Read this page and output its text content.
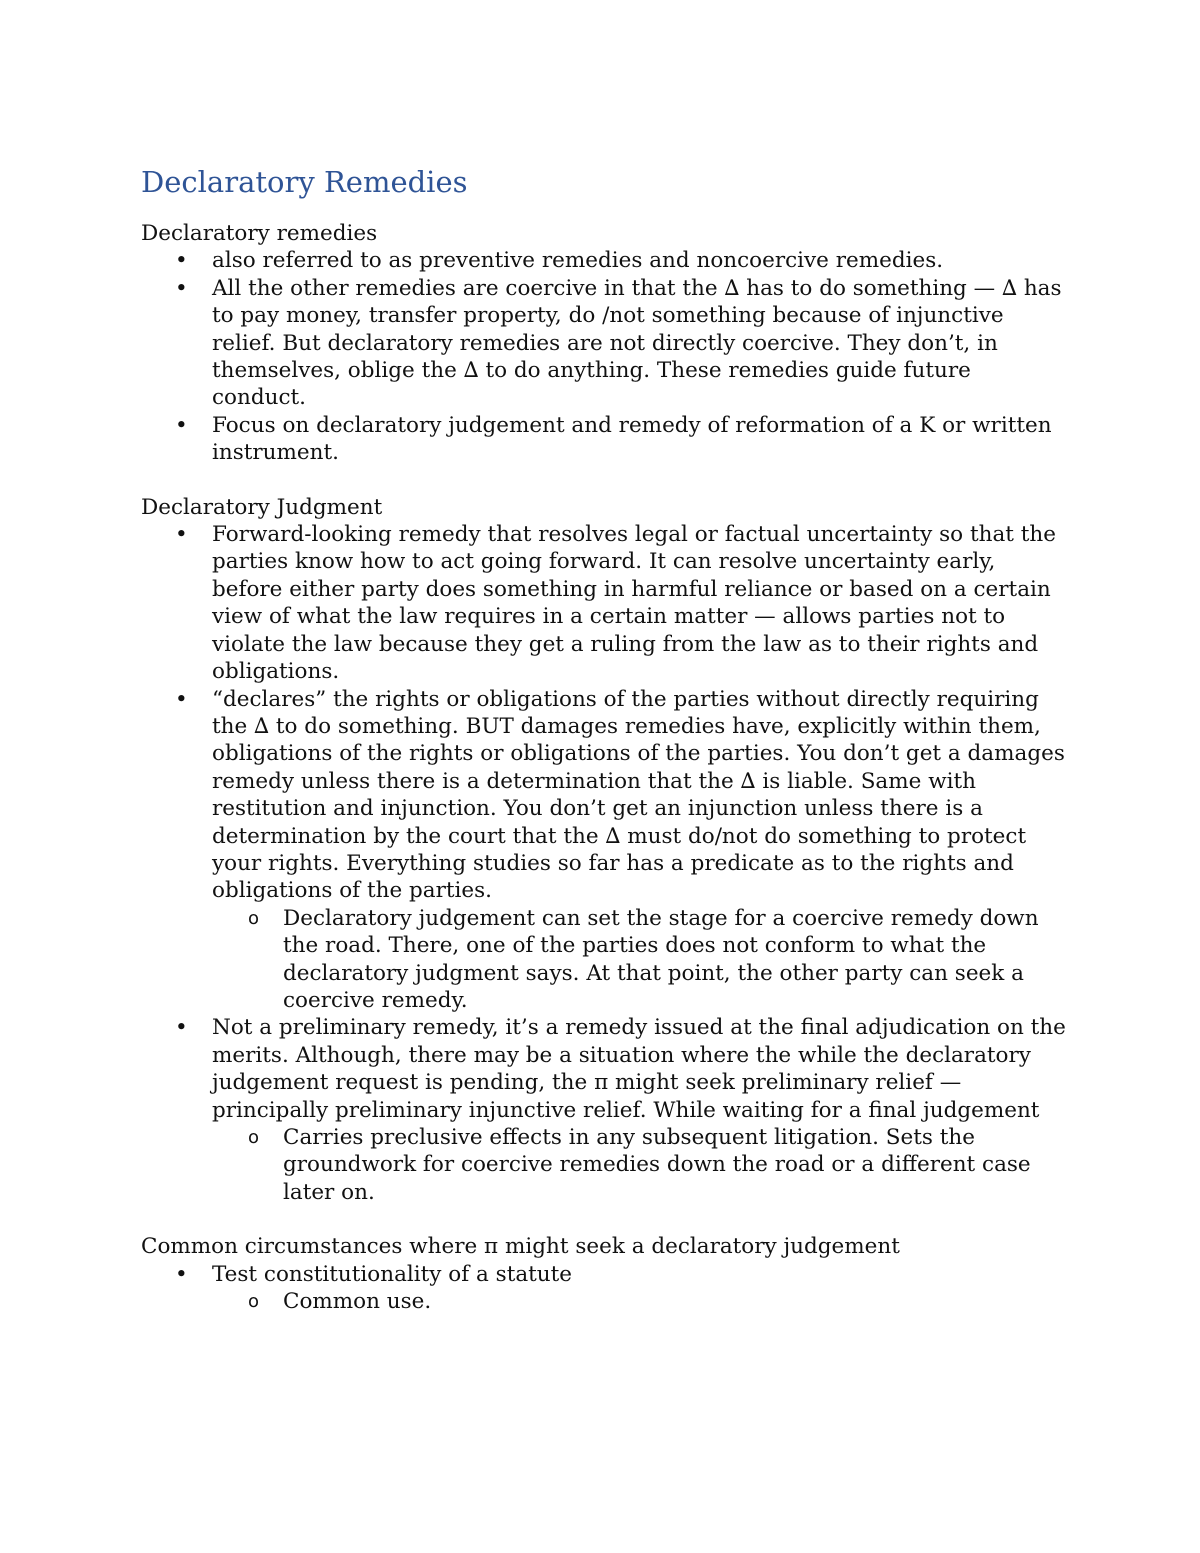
Declaratory Remedies

Declaratory remedies

• also referred to as preventive remedies and noncoercive remedies.
• All the other remedies are coercive in that the ∆ has to do something — ∆ has to pay money, transfer property, do /not something because of injunctive relief. But declaratory remedies are not directly coercive. They don’t, in themselves, oblige the ∆ to do anything. These remedies guide future conduct.
• Focus on declaratory judgement and remedy of reformation of a K or written instrument.

Declaratory Judgment

• Forward-looking remedy that resolves legal or factual uncertainty so that the parties know how to act going forward. It can resolve uncertainty early, before either party does something in harmful reliance or based on a certain view of what the law requires in a certain matter — allows parties not to violate the law because they get a ruling from the law as to their rights and obligations.
• “declares” the rights or obligations of the parties without directly requiring the ∆ to do something. BUT damages remedies have, explicitly within them, obligations of the rights or obligations of the parties. You don’t get a damages remedy unless there is a determination that the ∆ is liable. Same with restitution and injunction. You don’t get an injunction unless there is a determination by the court that the ∆ must do/not do something to protect your rights. Everything studies so far has a predicate as to the rights and obligations of the parties.
o Declaratory judgement can set the stage for a coercive remedy down the road. There, one of the parties does not conform to what the declaratory judgment says. At that point, the other party can seek a coercive remedy.
• Not a preliminary remedy, it’s a remedy issued at the final adjudication on the merits. Although, there may be a situation where the while the declaratory judgement request is pending, the π might seek preliminary relief —principally preliminary injunctive relief. While waiting for a final judgement
o Carries preclusive effects in any subsequent litigation. Sets the groundwork for coercive remedies down the road or a different case later on.

Common circumstances where π might seek a declaratory judgement

• Test constitutionality of a statute
o Common use.
